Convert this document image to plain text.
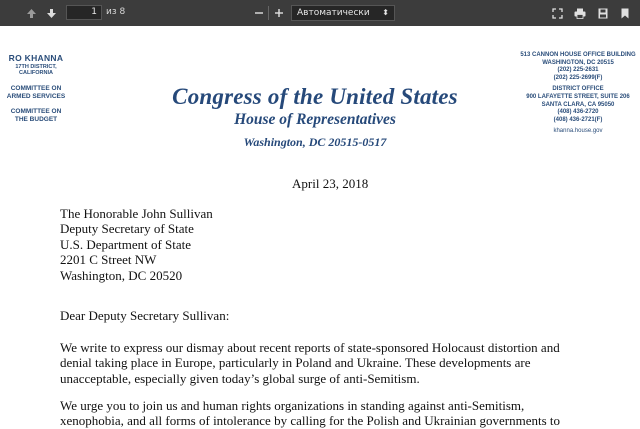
1	из 8	Автоматически ⬍
RO KHANNA
17TH DISTRICT, CALIFORNIA
COMMITTEE ON
ARMED SERVICES
COMMITTEE ON
THE BUDGET
Congress of the United States
House of Representatives
Washington, DC 20515-0517
513 CANNON HOUSE OFFICE BUILDING
WASHINGTON, DC 20515
(202) 225-2631
(202) 225-2699(F)
DISTRICT OFFICE
900 LAFAYETTE STREET, SUITE 206
SANTA CLARA, CA 95050
(408) 436-2720
(408) 436-2721(F)
khanna.house.gov
April 23, 2018
The Honorable John Sullivan
Deputy Secretary of State
U.S. Department of State
2201 C Street NW
Washington, DC 20520
Dear Deputy Secretary Sullivan:
We write to express our dismay about recent reports of state-sponsored Holocaust distortion and denial taking place in Europe, particularly in Poland and Ukraine. These developments are unacceptable, especially given today’s global surge of anti-Semitism.
We urge you to join us and human rights organizations in standing against anti-Semitism, xenophobia, and all forms of intolerance by calling for the Polish and Ukrainian governments to
